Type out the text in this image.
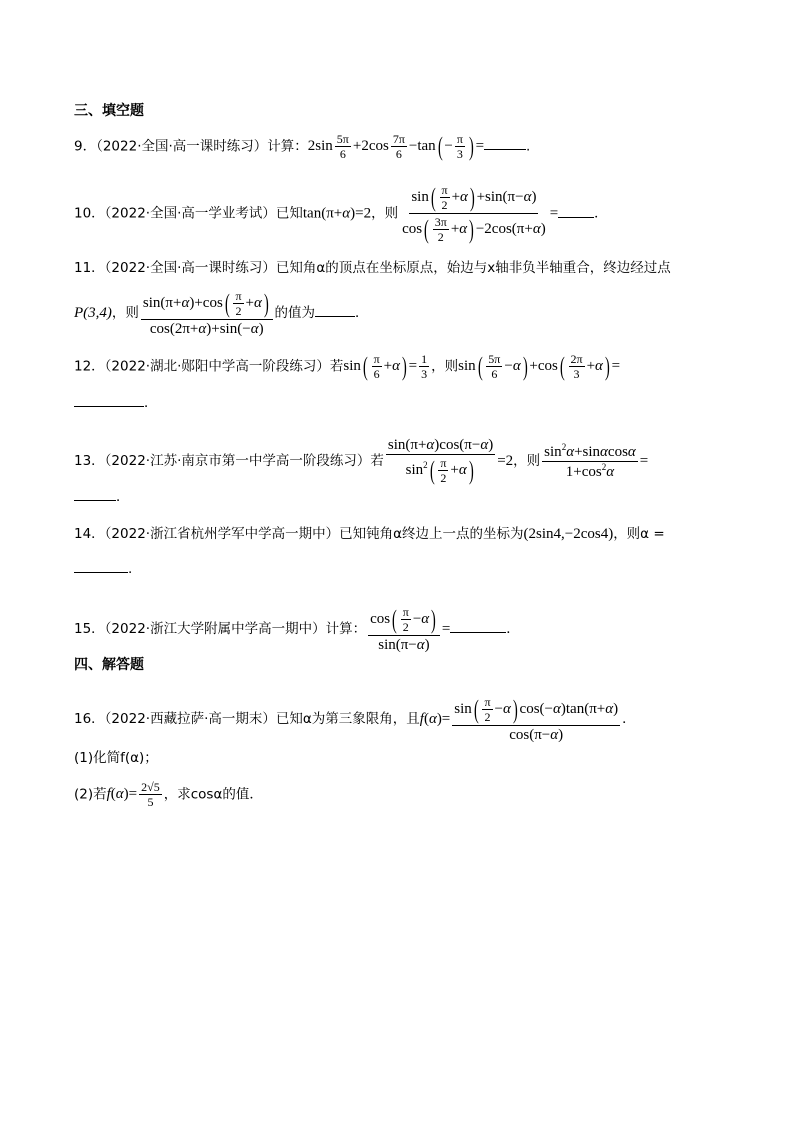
三、填空题
9．（2022·全国·高一课时练习）计算：$2\sin \frac{5\pi}{6} +2\cos \frac{7\pi}{6} -\tan( - \frac{\pi}{3}$ ) =	.
10．（2022·全国·高一学业考试）已知tan(π+α)=2，则 $\frac{\sin( \frac{\pi}{2} +\alpha) +\sin(\pi-\alpha)}{\cos( \frac{3\pi}{2} +\alpha) -2\cos(\pi+\alpha)}$ =	．
11．（2022·全国·高一课时练习）已知角α的顶点在坐标原点，始边与x轴非负半轴重合，终边经过点
P(3,4)，则 $\frac{\sin(\pi+\alpha)+\cos( \frac{\pi}{2} +\alpha)}{\cos(2\pi+\alpha)+\sin(-\alpha)}$ 的值为	．
12．（2022·湖北·郧阳中学高一阶段练习）若$\sin( \frac{\pi}{6} +\alpha) = \frac{1}{3}$ ，则$\sin( \frac{5\pi}{6} -\alpha) +\cos( \frac{2\pi}{3} +\alpha)$ =
．
13．（2022·江苏·南京市第一中学高一阶段练习）若 $\frac{\sin(\pi+\alpha)\cos(\pi-\alpha)}{\sin^2( \frac{\pi}{2} +\alpha)} =2$，则 $\frac{\sin^2\alpha+\sin\alpha\cos\alpha}{1+\cos^2\alpha}$ =
．
14．（2022·浙江省杭州学军中学高一期中）已知钝角α终边上一点的坐标为(2sin4,−2cos4)，则α =
.
15．（2022·浙江大学附属中学高一期中）计算： $\frac{\cos( \frac{\pi}{2} -\alpha)}{\sin(\pi-\alpha)}$ =	．
四、解答题
16．（2022·西藏拉萨·高一期末）已知α为第三象限角，且$f(\alpha)= \frac{\sin( \frac{\pi}{2} -\alpha) \cos(-\alpha)\tan(\pi+\alpha)}{\cos(\pi-\alpha)}$ ．
(1)化简f(α)；
(2)若$f(\alpha)= \frac{2√5}{5}$ ，求cosα的值．
